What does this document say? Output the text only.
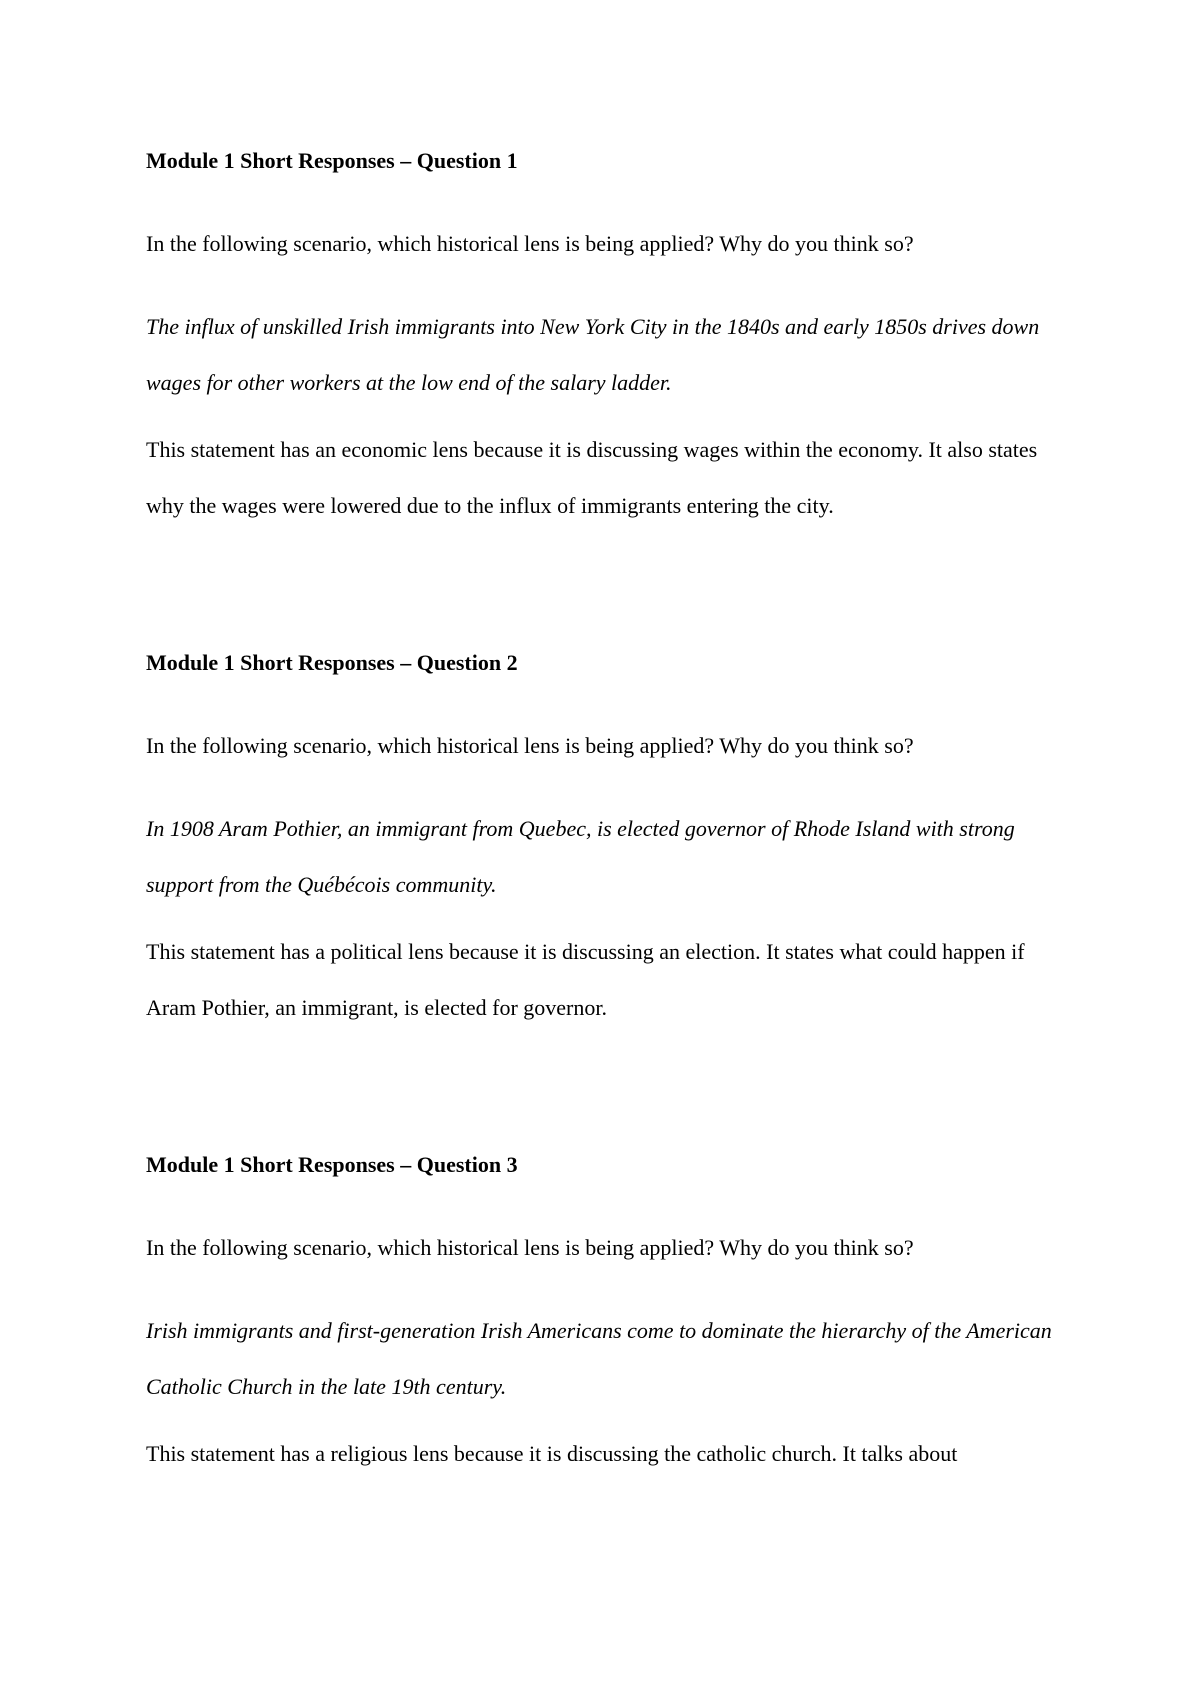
Module 1 Short Responses – Question 1

In the following scenario, which historical lens is being applied? Why do you think so?

The influx of unskilled Irish immigrants into New York City in the 1840s and early 1850s drives down wages for other workers at the low end of the salary ladder.

This statement has an economic lens because it is discussing wages within the economy. It also states why the wages were lowered due to the influx of immigrants entering the city.

Module 1 Short Responses – Question 2

In the following scenario, which historical lens is being applied? Why do you think so?

In 1908 Aram Pothier, an immigrant from Quebec, is elected governor of Rhode Island with strong support from the Québécois community.

This statement has a political lens because it is discussing an election. It states what could happen if Aram Pothier, an immigrant, is elected for governor.

Module 1 Short Responses – Question 3

In the following scenario, which historical lens is being applied? Why do you think so?

Irish immigrants and first-generation Irish Americans come to dominate the hierarchy of the American Catholic Church in the late 19th century.

This statement has a religious lens because it is discussing the catholic church. It talks about
